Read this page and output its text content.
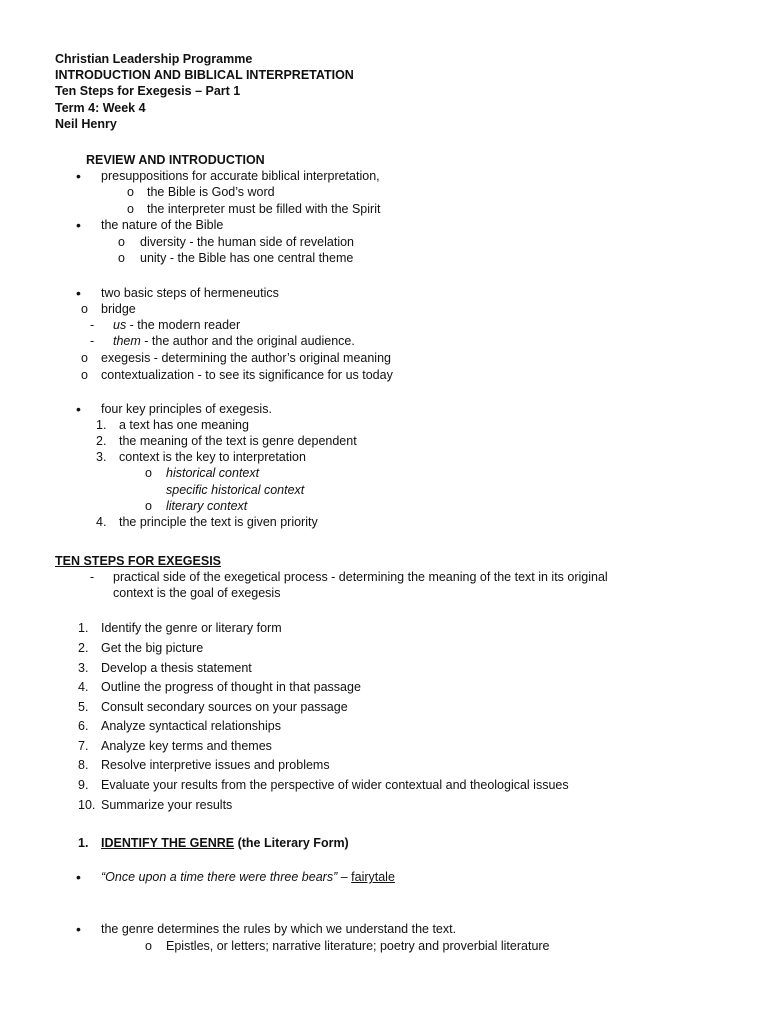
Christian Leadership Programme
INTRODUCTION AND BIBLICAL INTERPRETATION
Ten Steps for Exegesis – Part 1
Term 4: Week 4
Neil Henry
REVIEW AND INTRODUCTION
• presuppositions for accurate biblical interpretation,
o the Bible is God’s word
o the interpreter must be filled with the Spirit
• the nature of the Bible
o diversity - the human side of revelation
o unity - the Bible has one central theme
• two basic steps of hermeneutics
o bridge
- us - the modern reader
- them - the author and the original audience.
o exegesis - determining the author’s original meaning
o contextualization - to see its significance for us today
• four key principles of exegesis.
1. a text has one meaning
2. the meaning of the text is genre dependent
3. context is the key to interpretation
o historical context
specific historical context
o literary context
4. the principle the text is given priority
TEN STEPS FOR EXEGESIS
- practical side of the exegetical process - determining the meaning of the text in its original
context is the goal of exegesis
1. Identify the genre or literary form
2. Get the big picture
3. Develop a thesis statement
4. Outline the progress of thought in that passage
5. Consult secondary sources on your passage
6. Analyze syntactical relationships
7. Analyze key terms and themes
8. Resolve interpretive issues and problems
9. Evaluate your results from the perspective of wider contextual and theological issues
10. Summarize your results
1. IDENTIFY THE GENRE (the Literary Form)
• “Once upon a time there were three bears” – fairytale
• the genre determines the rules by which we understand the text.
o Epistles, or letters; narrative literature; poetry and proverbial literature
